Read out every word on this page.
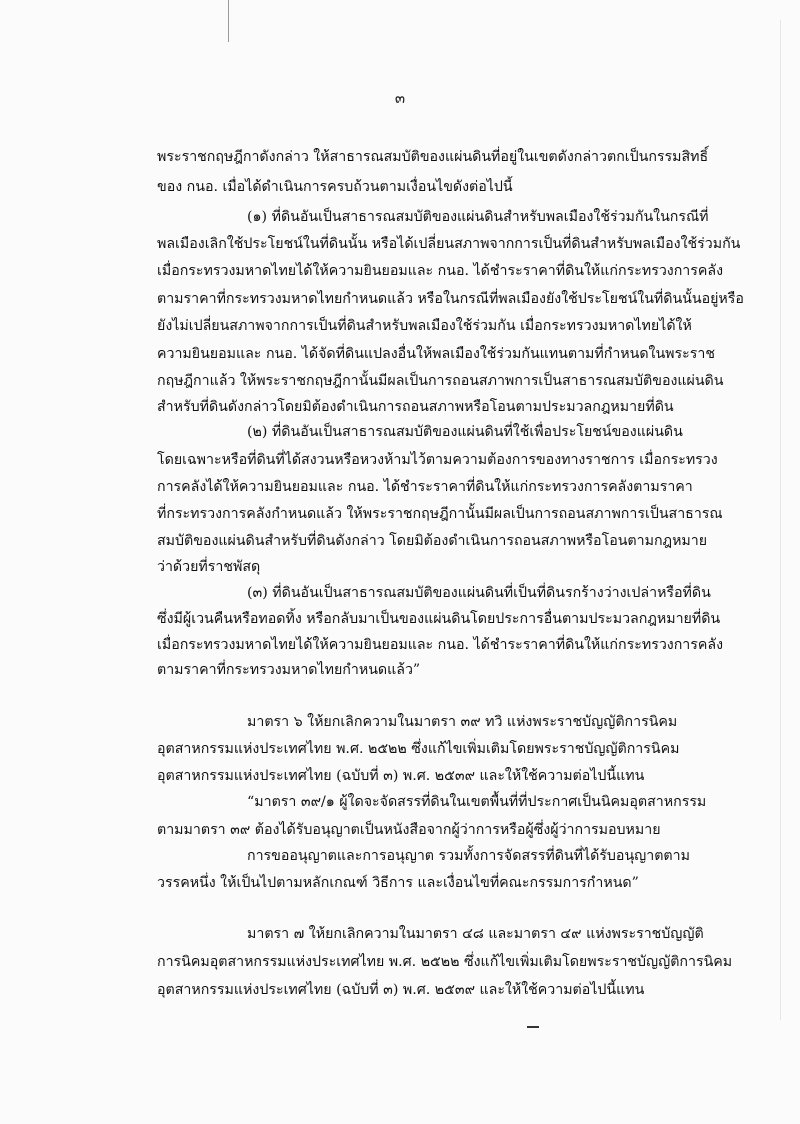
๓
พระราชกฤษฎีกาดังกล่าว ให้สาธารณสมบัติของแผ่นดินที่อยู่ในเขตดังกล่าวตกเป็นกรรมสิทธิ์
ของ กนอ. เมื่อได้ดำเนินการครบถ้วนตามเงื่อนไขดังต่อไปนี้
(๑) ที่ดินอันเป็นสาธารณสมบัติของแผ่นดินสำหรับพลเมืองใช้ร่วมกันในกรณีที่
พลเมืองเลิกใช้ประโยชน์ในที่ดินนั้น หรือได้เปลี่ยนสภาพจากการเป็นที่ดินสำหรับพลเมืองใช้ร่วมกัน
เมื่อกระทรวงมหาดไทยได้ให้ความยินยอมและ กนอ. ได้ชำระราคาที่ดินให้แก่กระทรวงการคลัง
ตามราคาที่กระทรวงมหาดไทยกำหนดแล้ว หรือในกรณีที่พลเมืองยังใช้ประโยชน์ในที่ดินนั้นอยู่หรือ
ยังไม่เปลี่ยนสภาพจากการเป็นที่ดินสำหรับพลเมืองใช้ร่วมกัน เมื่อกระทรวงมหาดไทยได้ให้
ความยินยอมและ กนอ. ได้จัดที่ดินแปลงอื่นให้พลเมืองใช้ร่วมกันแทนตามที่กำหนดในพระราช
กฤษฎีกาแล้ว ให้พระราชกฤษฎีกานั้นมีผลเป็นการถอนสภาพการเป็นสาธารณสมบัติของแผ่นดิน
สำหรับที่ดินดังกล่าวโดยมิต้องดำเนินการถอนสภาพหรือโอนตามประมวลกฎหมายที่ดิน
(๒) ที่ดินอันเป็นสาธารณสมบัติของแผ่นดินที่ใช้เพื่อประโยชน์ของแผ่นดิน
โดยเฉพาะหรือที่ดินที่ได้สงวนหรือหวงห้ามไว้ตามความต้องการของทางราชการ เมื่อกระทรวง
การคลังได้ให้ความยินยอมและ กนอ. ได้ชำระราคาที่ดินให้แก่กระทรวงการคลังตามราคา
ที่กระทรวงการคลังกำหนดแล้ว ให้พระราชกฤษฎีกานั้นมีผลเป็นการถอนสภาพการเป็นสาธารณ
สมบัติของแผ่นดินสำหรับที่ดินดังกล่าว โดยมิต้องดำเนินการถอนสภาพหรือโอนตามกฎหมาย
ว่าด้วยที่ราชพัสดุ
(๓) ที่ดินอันเป็นสาธารณสมบัติของแผ่นดินที่เป็นที่ดินรกร้างว่างเปล่าหรือที่ดิน
ซึ่งมีผู้เวนคืนหรือทอดทิ้ง หรือกลับมาเป็นของแผ่นดินโดยประการอื่นตามประมวลกฎหมายที่ดิน
เมื่อกระทรวงมหาดไทยได้ให้ความยินยอมและ กนอ. ได้ชำระราคาที่ดินให้แก่กระทรวงการคลัง
ตามราคาที่กระทรวงมหาดไทยกำหนดแล้ว”
มาตรา ๖ ให้ยกเลิกความในมาตรา ๓๙ ทวิ แห่งพระราชบัญญัติการนิคม
อุตสาหกรรมแห่งประเทศไทย พ.ศ. ๒๕๒๒ ซึ่งแก้ไขเพิ่มเติมโดยพระราชบัญญัติการนิคม
อุตสาหกรรมแห่งประเทศไทย (ฉบับที่ ๓) พ.ศ. ๒๕๓๙ และให้ใช้ความต่อไปนี้แทน
“มาตรา ๓๙/๑ ผู้ใดจะจัดสรรที่ดินในเขตพื้นที่ที่ประกาศเป็นนิคมอุตสาหกรรม
ตามมาตรา ๓๙ ต้องได้รับอนุญาตเป็นหนังสือจากผู้ว่าการหรือผู้ซึ่งผู้ว่าการมอบหมาย
การขออนุญาตและการอนุญาต รวมทั้งการจัดสรรที่ดินที่ได้รับอนุญาตตาม
วรรคหนึ่ง ให้เป็นไปตามหลักเกณฑ์ วิธีการ และเงื่อนไขที่คณะกรรมการกำหนด”
มาตรา ๗ ให้ยกเลิกความในมาตรา ๔๘ และมาตรา ๔๙ แห่งพระราชบัญญัติ
การนิคมอุตสาหกรรมแห่งประเทศไทย พ.ศ. ๒๕๒๒ ซึ่งแก้ไขเพิ่มเติมโดยพระราชบัญญัติการนิคม
อุตสาหกรรมแห่งประเทศไทย (ฉบับที่ ๓) พ.ศ. ๒๕๓๙ และให้ใช้ความต่อไปนี้แทน
